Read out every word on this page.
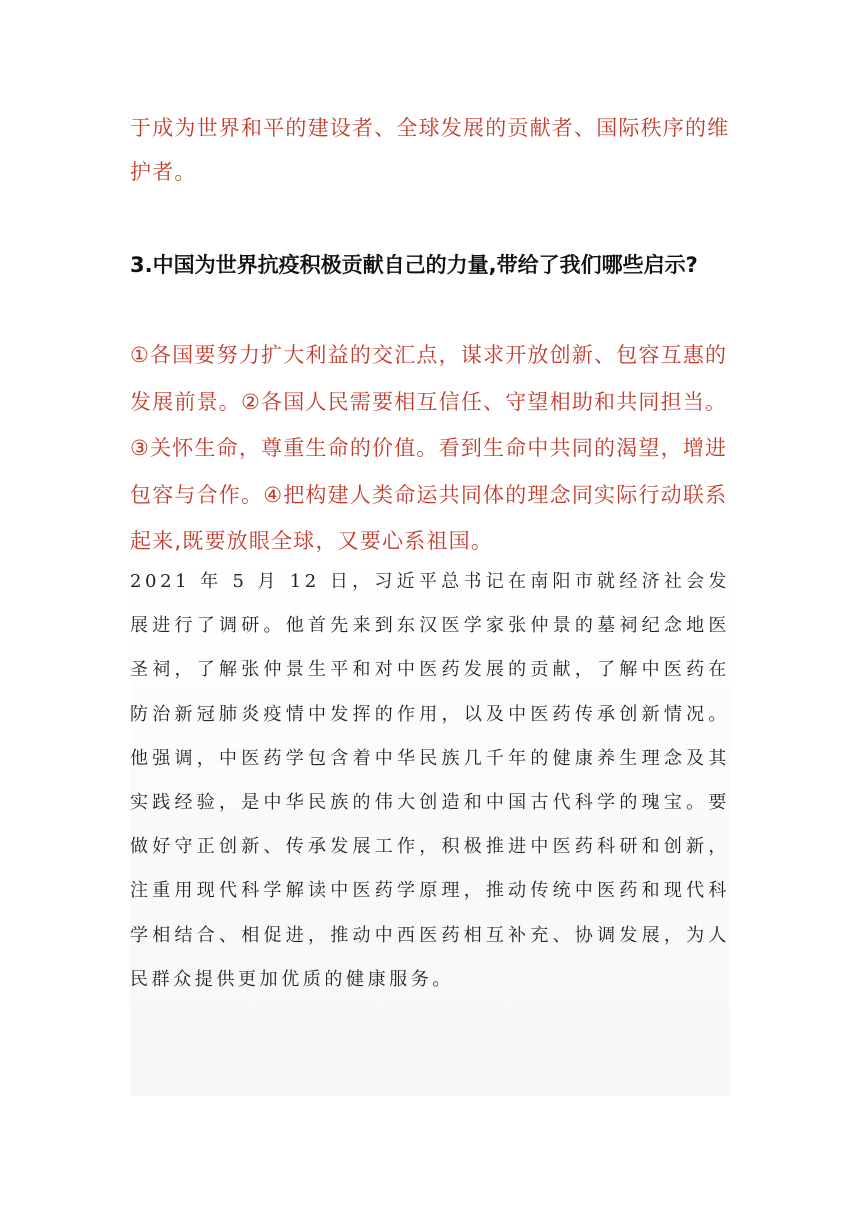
于成为世界和平的建设者、全球发展的贡献者、国际秩序的维护者。

3.中国为世界抗疫积极贡献自己的力量,带给了我们哪些启示?

①各国要努力扩大利益的交汇点，谋求开放创新、包容互惠的发展前景。②各国人民需要相互信任、守望相助和共同担当。③关怀生命，尊重生命的价值。看到生命中共同的渴望，增进包容与合作。④把构建人类命运共同体的理念同实际行动联系起来,既要放眼全球，又要心系祖国。

2021 年 5 月 12 日，习近平总书记在南阳市就经济社会发展进行了调研。他首先来到东汉医学家张仲景的墓祠纪念地医圣祠，了解张仲景生平和对中医药发展的贡献，了解中医药在防治新冠肺炎疫情中发挥的作用，以及中医药传承创新情况。他强调，中医药学包含着中华民族几千年的健康养生理念及其实践经验，是中华民族的伟大创造和中国古代科学的瑰宝。要做好守正创新、传承发展工作，积极推进中医药科研和创新，注重用现代科学解读中医药学原理，推动传统中医药和现代科学相结合、相促进，推动中西医药相互补充、协调发展，为人民群众提供更加优质的健康服务。
